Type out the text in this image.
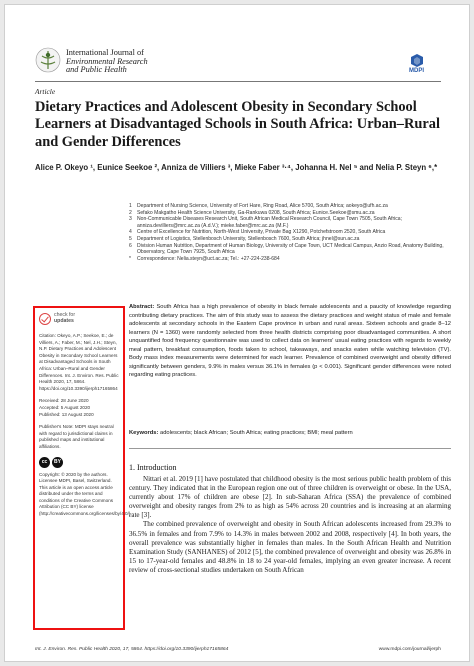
International Journal of
Environmental Research
and Public Health	MDPI
Article
Dietary Practices and Adolescent Obesity in Secondary School Learners at Disadvantaged Schools in South Africa: Urban–Rural and Gender Differences
Alice P. Okeyo ¹, Eunice Seekoe ², Anniza de Villiers ³, Mieke Faber ³·⁴, Johanna H. Nel ⁵ and Nelia P. Steyn ⁶,*
1	Department of Nursing Science, University of Fort Hare, Ring Road, Alice 5700, South Africa; aokeyo@ufh.ac.za
2	Sefako Makgatho Health Science University, Ga-Rankuwa 0208, South Africa; Eunice.Seekoe@smu.ac.za
3	Non-Communicable Diseases Research Unit, South African Medical Research Council, Cape Town 7505, South Africa; anniza.devilliers@mrc.ac.za (A.d.V.); mieke.faber@mrc.ac.za (M.F.)
4	Centre of Excellence for Nutrition, North-West University, Private Bag X1290, Potchefstroom 2520, South Africa
5	Department of Logistics, Stellenbosch University, Stellenbosch 7600, South Africa; jhnel@sun.ac.za
6	Division Human Nutrition, Department of Human Biology, University of Cape Town, UCT Medical Campus, Anzio Road, Anatomy Building, Observatory, Cape Town 7925, South Africa
*	Correspondence: Nelia.steyn@uct.ac.za; Tel.: +27-224-238-684
Abstract: South Africa has a high prevalence of obesity in black female adolescents and a paucity of knowledge regarding contributing dietary practices. The aim of this study was to assess the dietary practices and weight status of male and female adolescents at secondary schools in the Eastern Cape province in urban and rural areas. Sixteen schools and grade 8–12 learners (N = 1360) were randomly selected from three health districts comprising poor disadvantaged communities. A short unquantified food frequency questionnaire was used to collect data on learners' usual eating practices with regards to weekly meal pattern, breakfast consumption, foods taken to school, takeaways, and snacks eaten while watching television (TV). Body mass index measurements were determined for each learner. Prevalence of combined overweight and obesity differed significantly between genders, 9.9% in males versus 36.1% in females (p < 0.001). Significant gender differences were noted regarding eating practices.
Keywords: adolescents; black African; South Africa; eating practices; BMI; meal pattern
1. Introduction

Nittari et al. 2019 [1] have postulated that childhood obesity is the most serious public health problem of this century. They indicated that in the European region one out of three children is overweight or obese. In the USA, currently about 17% of children are obese [2]. In sub-Saharan Africa (SSA) the prevalence of combined overweight and obesity ranges from 2% to as high as 54% across 20 countries and is increasing at an alarming rate [3].

The combined prevalence of overweight and obesity in South African adolescents increased from 29.3% to 36.5% in females and from 7.9% to 14.3% in males between 2002 and 2008, respectively [4]. In both years, the overall prevalence was substantially higher in females than males. In the South African Health and Nutrition Examination Study (SANHANES) of 2012 [5], the combined prevalence of overweight and obesity was 26.8% in 15 to 17-year-old females and 48.8% in 18 to 24 year-old females, implying an even greater increase. A recent review of cross-sectional studies undertaken on South African

check for
updates
Citation: Okeyo, A.P.; Seekoe, E.; de Villiers, A.; Faber, M.; Nel, J.H.; Steyn, N.P. Dietary Practices and Adolescent Obesity in Secondary School Learners at Disadvantaged Schools in South Africa: Urban–Rural and Gender Differences. Int. J. Environ. Res. Public Health 2020, 17, 5864. https://doi.org/10.3390/ijerph17165864
Received: 28 June 2020
Accepted: 5 August 2020
Published: 13 August 2020
Publisher's Note: MDPI stays neutral with regard to jurisdictional claims in published maps and institutional affiliations.
cc	BY
Copyright: © 2020 by the authors. Licensee MDPI, Basel, Switzerland. This article is an open access article distributed under the terms and conditions of the Creative Commons Attribution (CC BY) license (http://creativecommons.org/licenses/by/4.0/).
Int. J. Environ. Res. Public Health 2020, 17, 5864. https://doi.org/10.3390/ijerph17165864	www.mdpi.com/journal/ijerph
